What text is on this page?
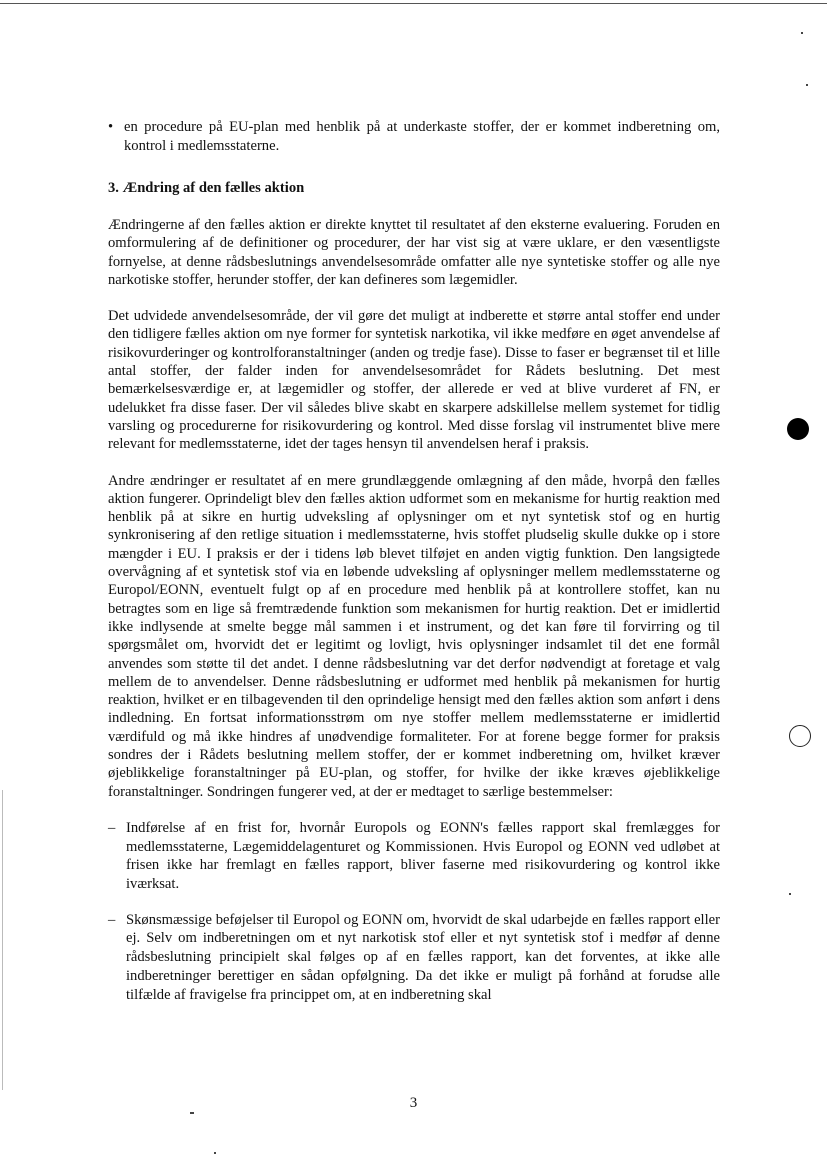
• en procedure på EU-plan med henblik på at underkaste stoffer, der er kommet indberetning om, kontrol i medlemsstaterne.
3. Ændring af den fælles aktion

Ændringerne af den fælles aktion er direkte knyttet til resultatet af den eksterne evaluering. Foruden en omformulering af de definitioner og procedurer, der har vist sig at være uklare, er den væsentligste fornyelse, at denne rådsbeslutnings anvendelsesområde omfatter alle nye syntetiske stoffer og alle nye narkotiske stoffer, herunder stoffer, der kan defineres som lægemidler.

Det udvidede anvendelsesområde, der vil gøre det muligt at indberette et større antal stoffer end under den tidligere fælles aktion om nye former for syntetisk narkotika, vil ikke medføre en øget anvendelse af risikovurderinger og kontrolforanstaltninger (anden og tredje fase). Disse to faser er begrænset til et lille antal stoffer, der falder inden for anvendelsesområdet for Rådets beslutning. Det mest bemærkelsesværdige er, at lægemidler og stoffer, der allerede er ved at blive vurderet af FN, er udelukket fra disse faser. Der vil således blive skabt en skarpere adskillelse mellem systemet for tidlig varsling og procedurerne for risikovurdering og kontrol. Med disse forslag vil instrumentet blive mere relevant for medlemsstaterne, idet der tages hensyn til anvendelsen heraf i praksis.

Andre ændringer er resultatet af en mere grundlæggende omlægning af den måde, hvorpå den fælles aktion fungerer. Oprindeligt blev den fælles aktion udformet som en mekanisme for hurtig reaktion med henblik på at sikre en hurtig udveksling af oplysninger om et nyt syntetisk stof og en hurtig synkronisering af den retlige situation i medlemsstaterne, hvis stoffet pludselig skulle dukke op i store mængder i EU. I praksis er der i tidens løb blevet tilføjet en anden vigtig funktion. Den langsigtede overvågning af et syntetisk stof via en løbende udveksling af oplysninger mellem medlemsstaterne og Europol/EONN, eventuelt fulgt op af en procedure med henblik på at kontrollere stoffet, kan nu betragtes som en lige så fremtrædende funktion som mekanismen for hurtig reaktion. Det er imidlertid ikke indlysende at smelte begge mål sammen i et instrument, og det kan føre til forvirring og til spørgsmålet om, hvorvidt det er legitimt og lovligt, hvis oplysninger indsamlet til det ene formål anvendes som støtte til det andet. I denne rådsbeslutning var det derfor nødvendigt at foretage et valg mellem de to anvendelser. Denne rådsbeslutning er udformet med henblik på mekanismen for hurtig reaktion, hvilket er en tilbagevenden til den oprindelige hensigt med den fælles aktion som anført i dens indledning. En fortsat informationsstrøm om nye stoffer mellem medlemsstaterne er imidlertid værdifuld og må ikke hindres af unødvendige formaliteter. For at forene begge former for praksis sondres der i Rådets beslutning mellem stoffer, der er kommet indberetning om, hvilket kræver øjeblikkelige foranstaltninger på EU-plan, og stoffer, for hvilke der ikke kræves øjeblikkelige foranstaltninger. Sondringen fungerer ved, at der er medtaget to særlige bestemmelser:

– Indførelse af en frist for, hvornår Europols og EONN's fælles rapport skal fremlægges for medlemsstaterne, Lægemiddelagenturet og Kommissionen. Hvis Europol og EONN ved udløbet at frisen ikke har fremlagt en fælles rapport, bliver faserne med risikovurdering og kontrol ikke iværksat.
– Skønsmæssige beføjelser til Europol og EONN om, hvorvidt de skal udarbejde en fælles rapport eller ej. Selv om indberetningen om et nyt narkotisk stof eller et nyt syntetisk stof i medfør af denne rådsbeslutning principielt skal følges op af en fælles rapport, kan det forventes, at ikke alle indberetninger berettiger en sådan opfølgning. Da det ikke er muligt på forhånd at forudse alle tilfælde af fravigelse fra princippet om, at en indberetning skal
3
